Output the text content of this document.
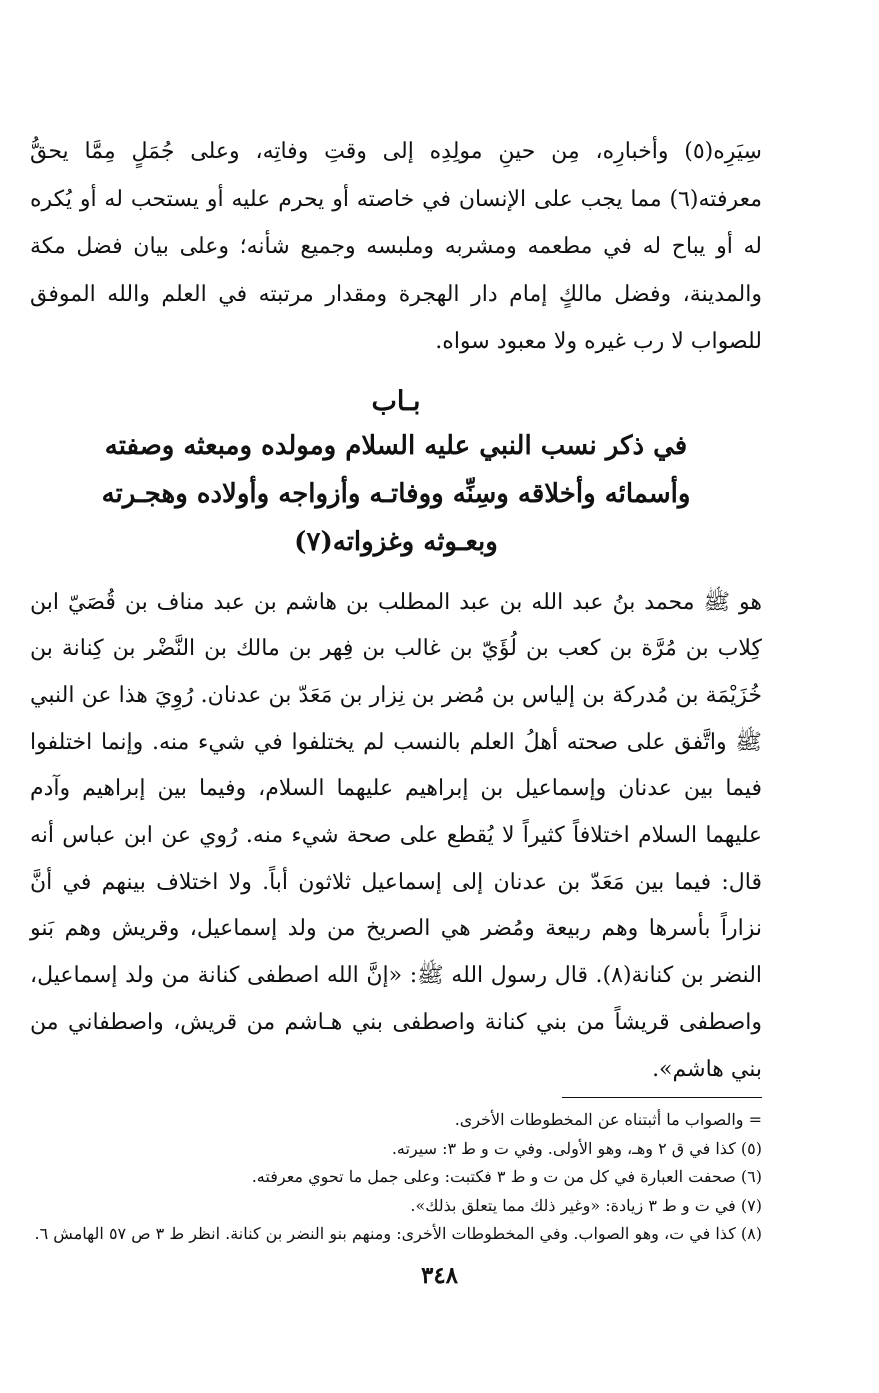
سِيَرِه(٥) وأخبارِه، مِن حينِ مولِدِه إلى وقتِ وفاتِه، وعلى جُمَلٍ مِمَّا يحقُّ معرفته(٦) مما يجب على الإنسان في خاصته أو يحرم عليه أو يستحب له أو يُكره له أو يباح له في مطعمه ومشربه وملبسه وجميع شأنه؛ وعلى بيان فضل مكة والمدينة، وفضل مالكٍ إمام دار الهجرة ومقدار مرتبته في العلم والله الموفق للصواب لا رب غيره ولا معبود سواه.

بـاب

في ذكر نسب النبي عليه السلام ومولده ومبعثه وصفته

وأسمائه وأخلاقه وسِنِّه ووفاتـه وأزواجه وأولاده وهجـرته

وبعـوثه وغزواته(٧)

هو ﷺ محمد بنُ عبد الله بن عبد المطلب بن هاشم بن عبد مناف بن قُصَيّ ابن كِلاب بن مُرَّة بن كعب بن لُؤَيّ بن غالب بن فِهر بن مالك بن النَّضْر بن كِنانة بن خُزَيْمَة بن مُدركة بن إلياس بن مُضر بن نِزار بن مَعَدّ بن عدنان. رُوِيَ هذا عن النبي ﷺ واتَّفق على صحته أهلُ العلم بالنسب لم يختلفوا في شيء منه. وإنما اختلفوا فيما بين عدنان وإسماعيل بن إبراهيم عليهما السلام، وفيما بين إبراهيم وآدم عليهما السلام اختلافاً كثيراً لا يُقطع على صحة شيء منه. رُوي عن ابن عباس أنه قال: فيما بين مَعَدّ بن عدنان إلى إسماعيل ثلاثون أباً. ولا اختلاف بينهم في أنَّ نزاراً بأسرها وهم ربيعة ومُضر هي الصريخ من ولد إسماعيل، وقريش وهم بَنو النضر بن كنانة(٨). قال رسول الله ﷺ: «إنَّ الله اصطفى كنانة من ولد إسماعيل، واصطفى قريشاً من بني كنانة واصطفى بني هـاشم من قريش، واصطفاني من بني هاشم».

= والصواب ما أثبتناه عن المخطوطات الأخرى.
(٥) كذا في ق ٢ وهـ، وهو الأولى. وفي ت و ط ٣: سيرته.
(٦) صحفت العبارة في كل من ت و ط ٣ فكتبت: وعلى جمل ما تحوي معرفته.
(٧) في ت و ط ٣ زيادة: «وغير ذلك مما يتعلق بذلك».
(٨) كذا في ت، وهو الصواب. وفي المخطوطات الأخرى: ومنهم بنو النضر بن كنانة. انظر ط ٣ ص ٥٧ الهامش ٦.
٣٤٨
